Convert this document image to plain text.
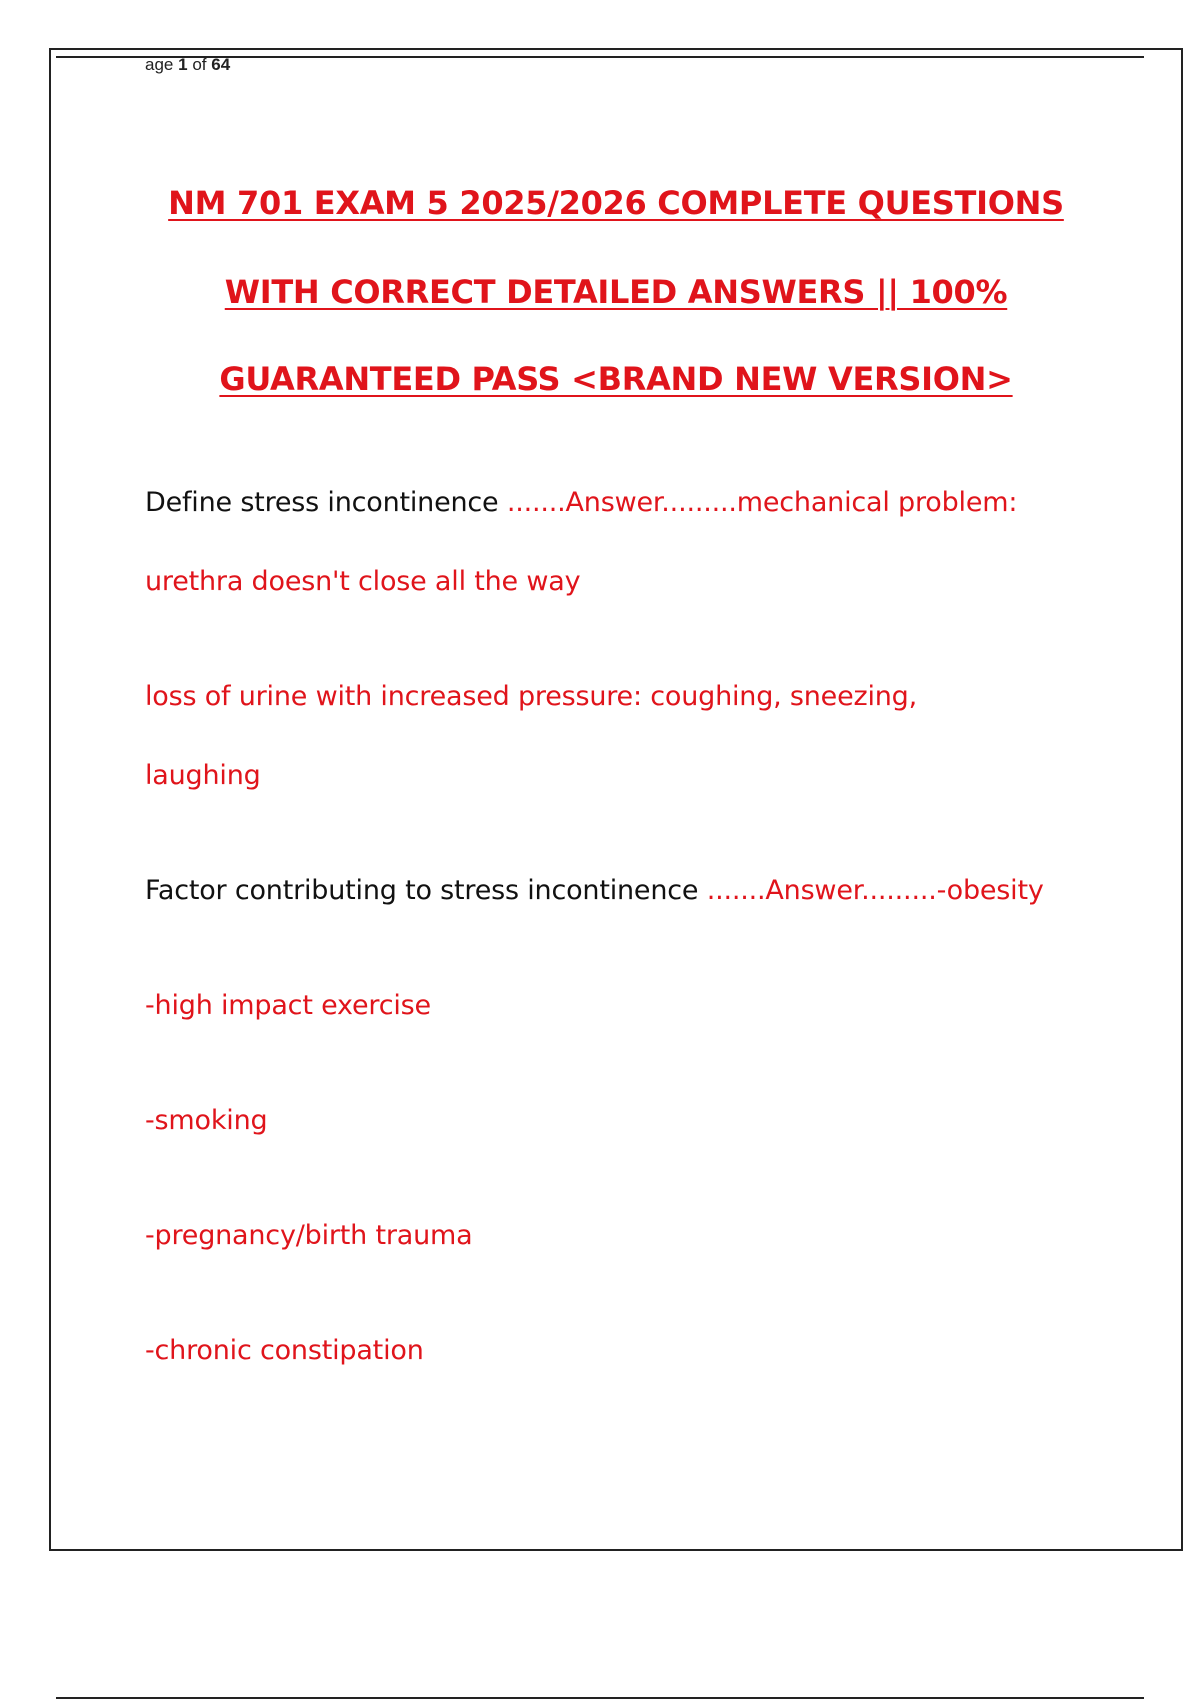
age 1 of 64
NM 701 EXAM 5 2025/2026 COMPLETE QUESTIONS
WITH CORRECT DETAILED ANSWERS || 100%
GUARANTEED PASS <BRAND NEW VERSION>
Define stress incontinence .......Answer.........mechanical problem:
urethra doesn't close all the way
loss of urine with increased pressure: coughing, sneezing,
laughing
Factor contributing to stress incontinence .......Answer.........-obesity
-high impact exercise
-smoking
-pregnancy/birth trauma
-chronic constipation
